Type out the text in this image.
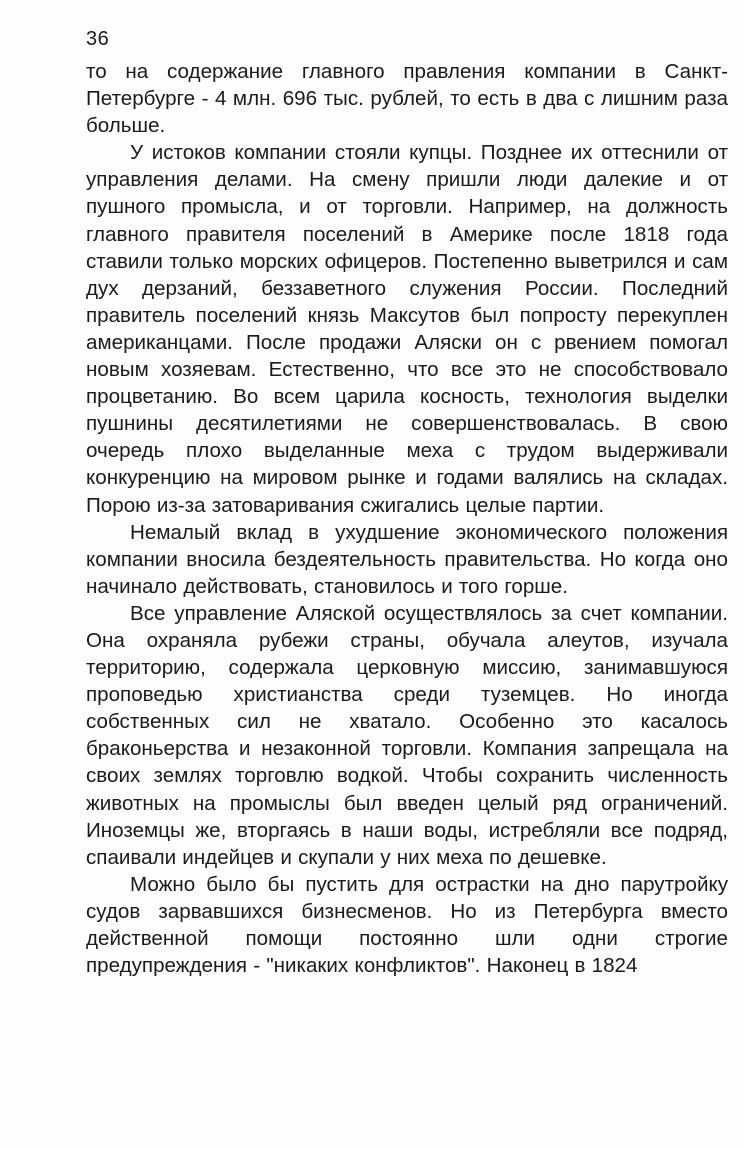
36

то на содержание главного правления компании в Санкт-Петербурге - 4 млн. 696 тыс. рублей, то есть в два с лишним раза больше.

У истоков компании стояли купцы. Позднее их оттеснили от управления делами. На смену пришли люди далекие и от пушного промысла, и от торговли. Например, на должность главного правителя поселений в Америке после 1818 года ставили только морских офицеров. Постепенно выветрился и сам дух дерзаний, беззаветного служения России. Последний правитель поселений князь Максутов был попросту перекуплен американцами. После продажи Аляски он с рвением помогал новым хозяевам. Естественно, что все это не способствовало процветанию. Во всем царила косность, технология выделки пушнины десятилетиями не совершенствовалась. В свою очередь плохо выделанные меха с трудом выдерживали конкуренцию на мировом рынке и годами валялись на складах. Порою из-за затоваривания сжигались целые партии.

Немалый вклад в ухудшение экономического положения компании вносила бездеятельность правительства. Но когда оно начинало действовать, становилось и того горше.

Все управление Аляской осуществлялось за счет компании. Она охраняла рубежи страны, обучала алеутов, изучала территорию, содержала церковную миссию, занимавшуюся проповедью христианства среди туземцев. Но иногда собственных сил не хватало. Особенно это касалось браконьерства и незаконной торговли. Компания запрещала на своих землях торговлю водкой. Чтобы сохранить численность животных на промыслы был введен целый ряд ограничений. Иноземцы же, вторгаясь в наши воды, истребляли все подряд, спаивали индейцев и скупали у них меха по дешевке.

Можно было бы пустить для острастки на дно парутройку судов зарвавшихся бизнесменов. Но из Петербурга вместо действенной помощи постоянно шли одни строгие предупреждения - "никаких конфликтов". Наконец в 1824
